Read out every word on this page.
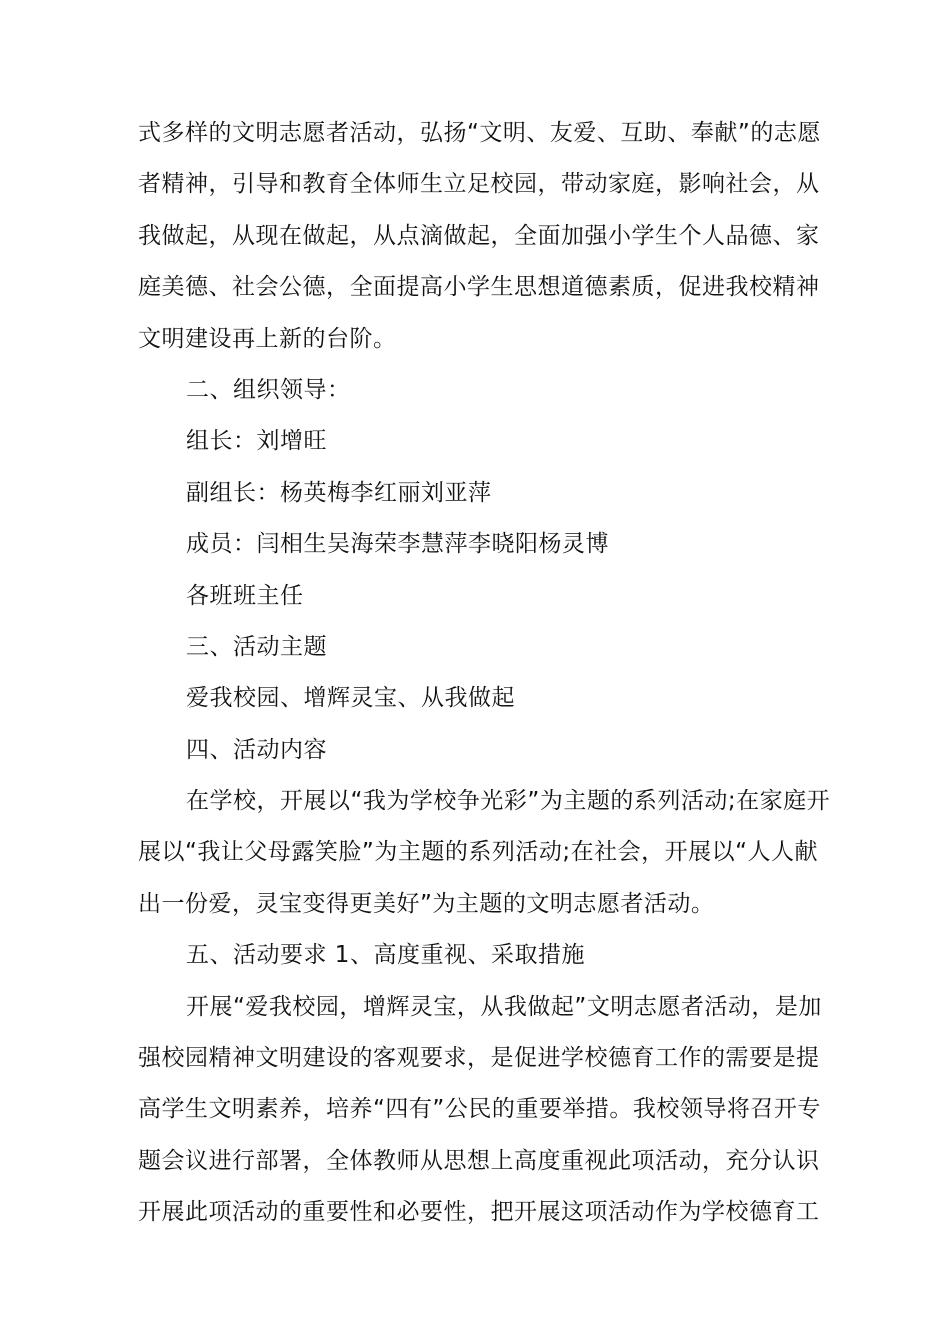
式多样的文明志愿者活动，弘扬“文明、友爱、互助、奉献”的志愿
者精神，引导和教育全体师生立足校园，带动家庭，影响社会，从
我做起，从现在做起，从点滴做起，全面加强小学生个人品德、家
庭美德、社会公德，全面提高小学生思想道德素质，促进我校精神
文明建设再上新的台阶。
二、组织领导：
组长：刘增旺
副组长：杨英梅李红丽刘亚萍
成员：闫相生吴海荣李慧萍李晓阳杨灵博
各班班主任
三、活动主题
爱我校园、增辉灵宝、从我做起
四、活动内容
在学校，开展以“我为学校争光彩”为主题的系列活动;在家庭开
展以“我让父母露笑脸”为主题的系列活动;在社会，开展以“人人献
出一份爱，灵宝变得更美好”为主题的文明志愿者活动。
五、活动要求 1、高度重视、采取措施
开展“爱我校园，增辉灵宝，从我做起”文明志愿者活动，是加
强校园精神文明建设的客观要求，是促进学校德育工作的需要是提
高学生文明素养，培养“四有”公民的重要举措。我校领导将召开专
题会议进行部署，全体教师从思想上高度重视此项活动，充分认识
开展此项活动的重要性和必要性，把开展这项活动作为学校德育工
